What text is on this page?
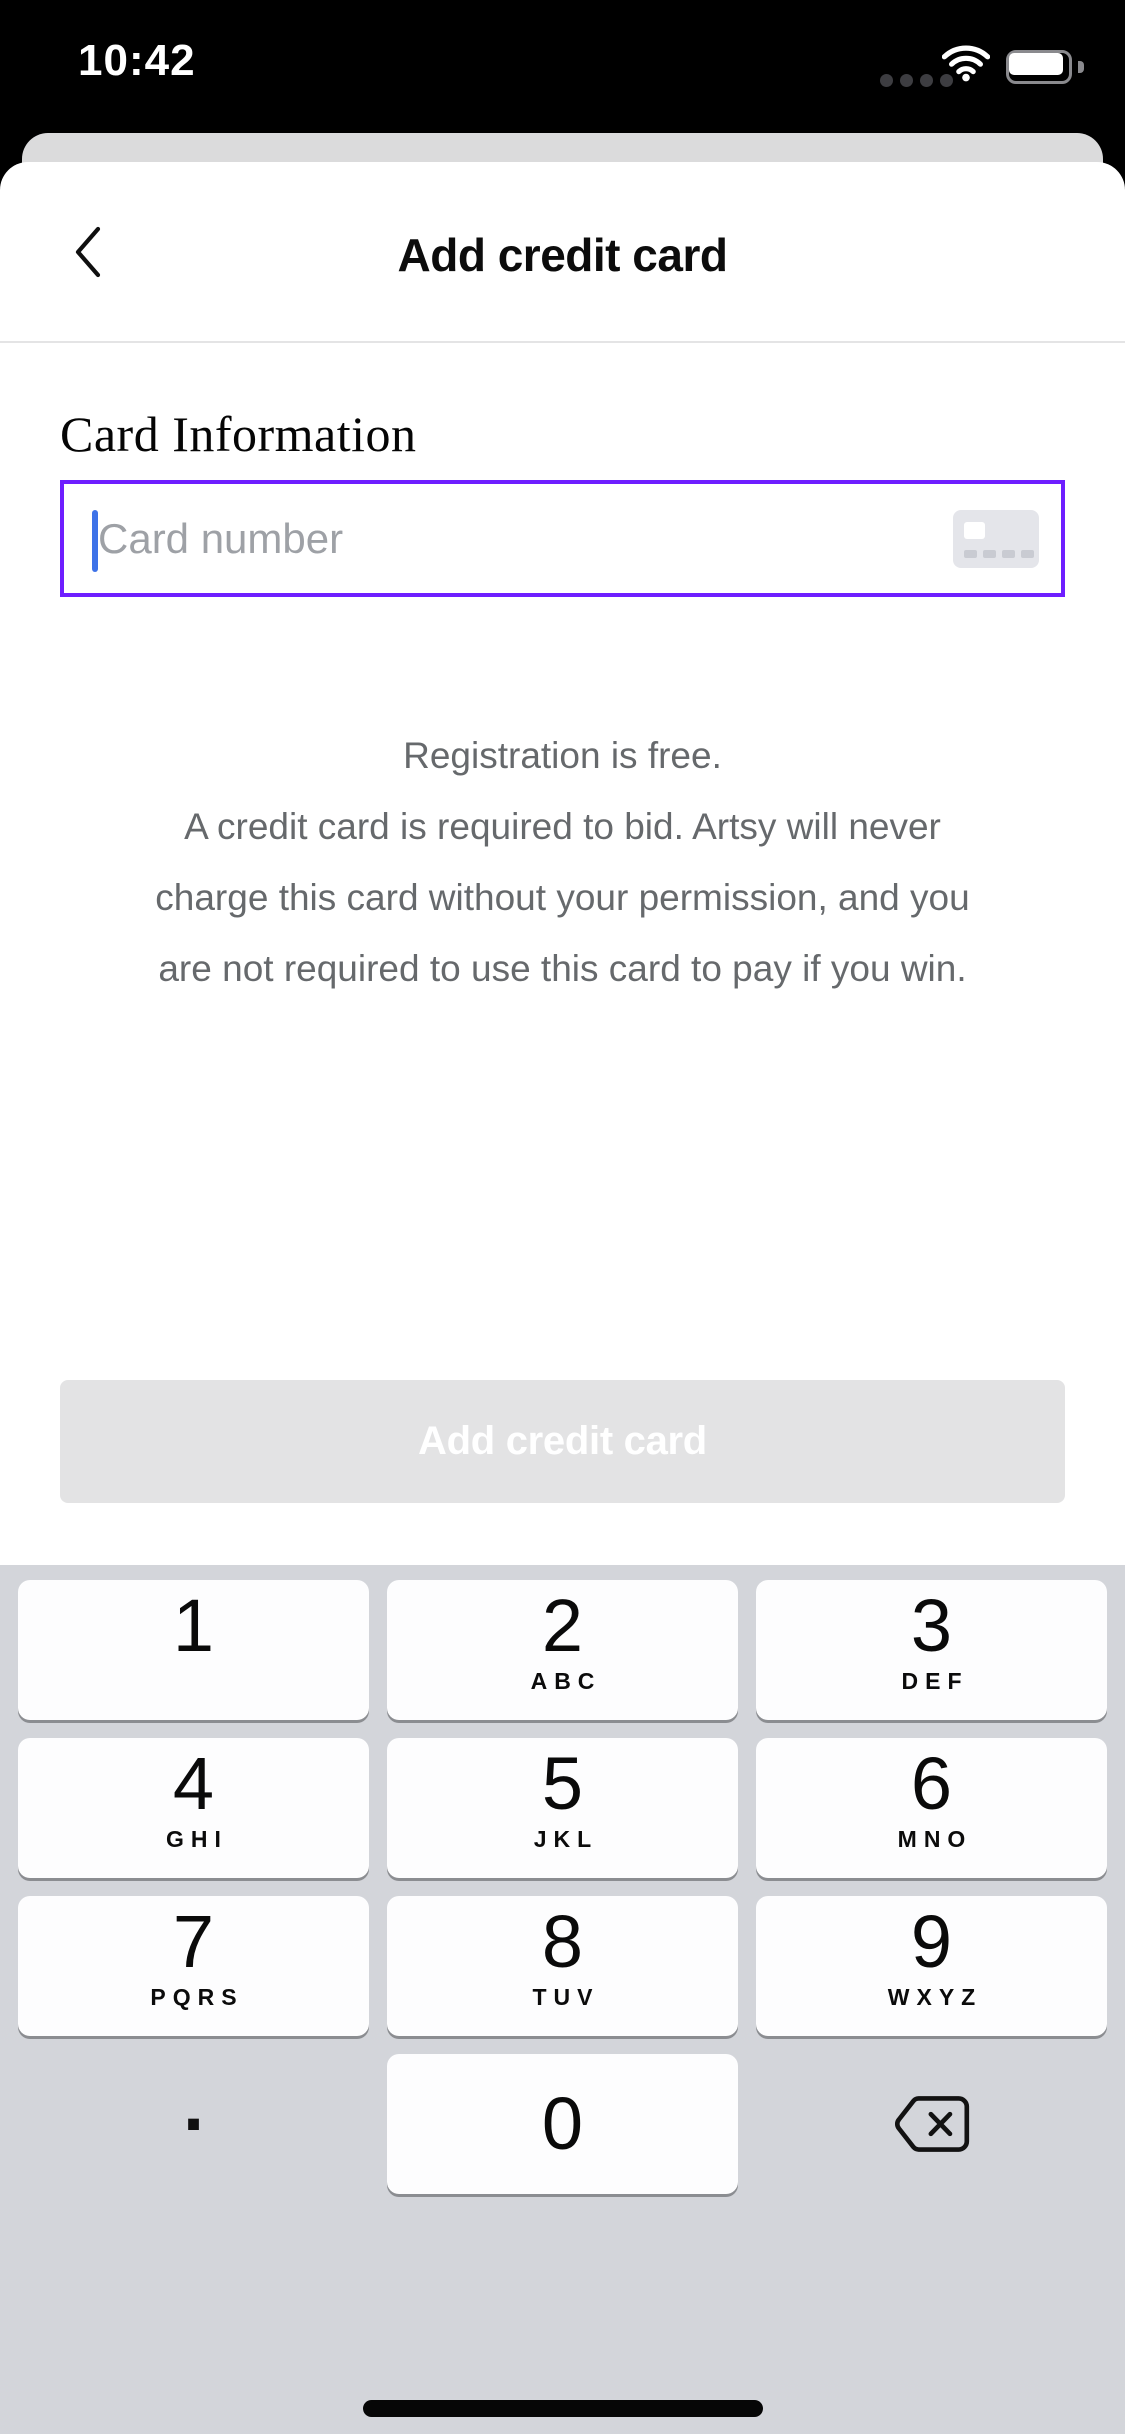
10:42
Add credit card
Card Information
Card number
Registration is free.
A credit card is required to bid. Artsy will never
charge this card without your permission, and you
are not required to use this card to pay if you win.
Add credit card
1	2
ABC
3
DEF
4
GHI
5
JKL
6
MNO
7
PQRS
8
TUV
9
WXYZ
.	0
